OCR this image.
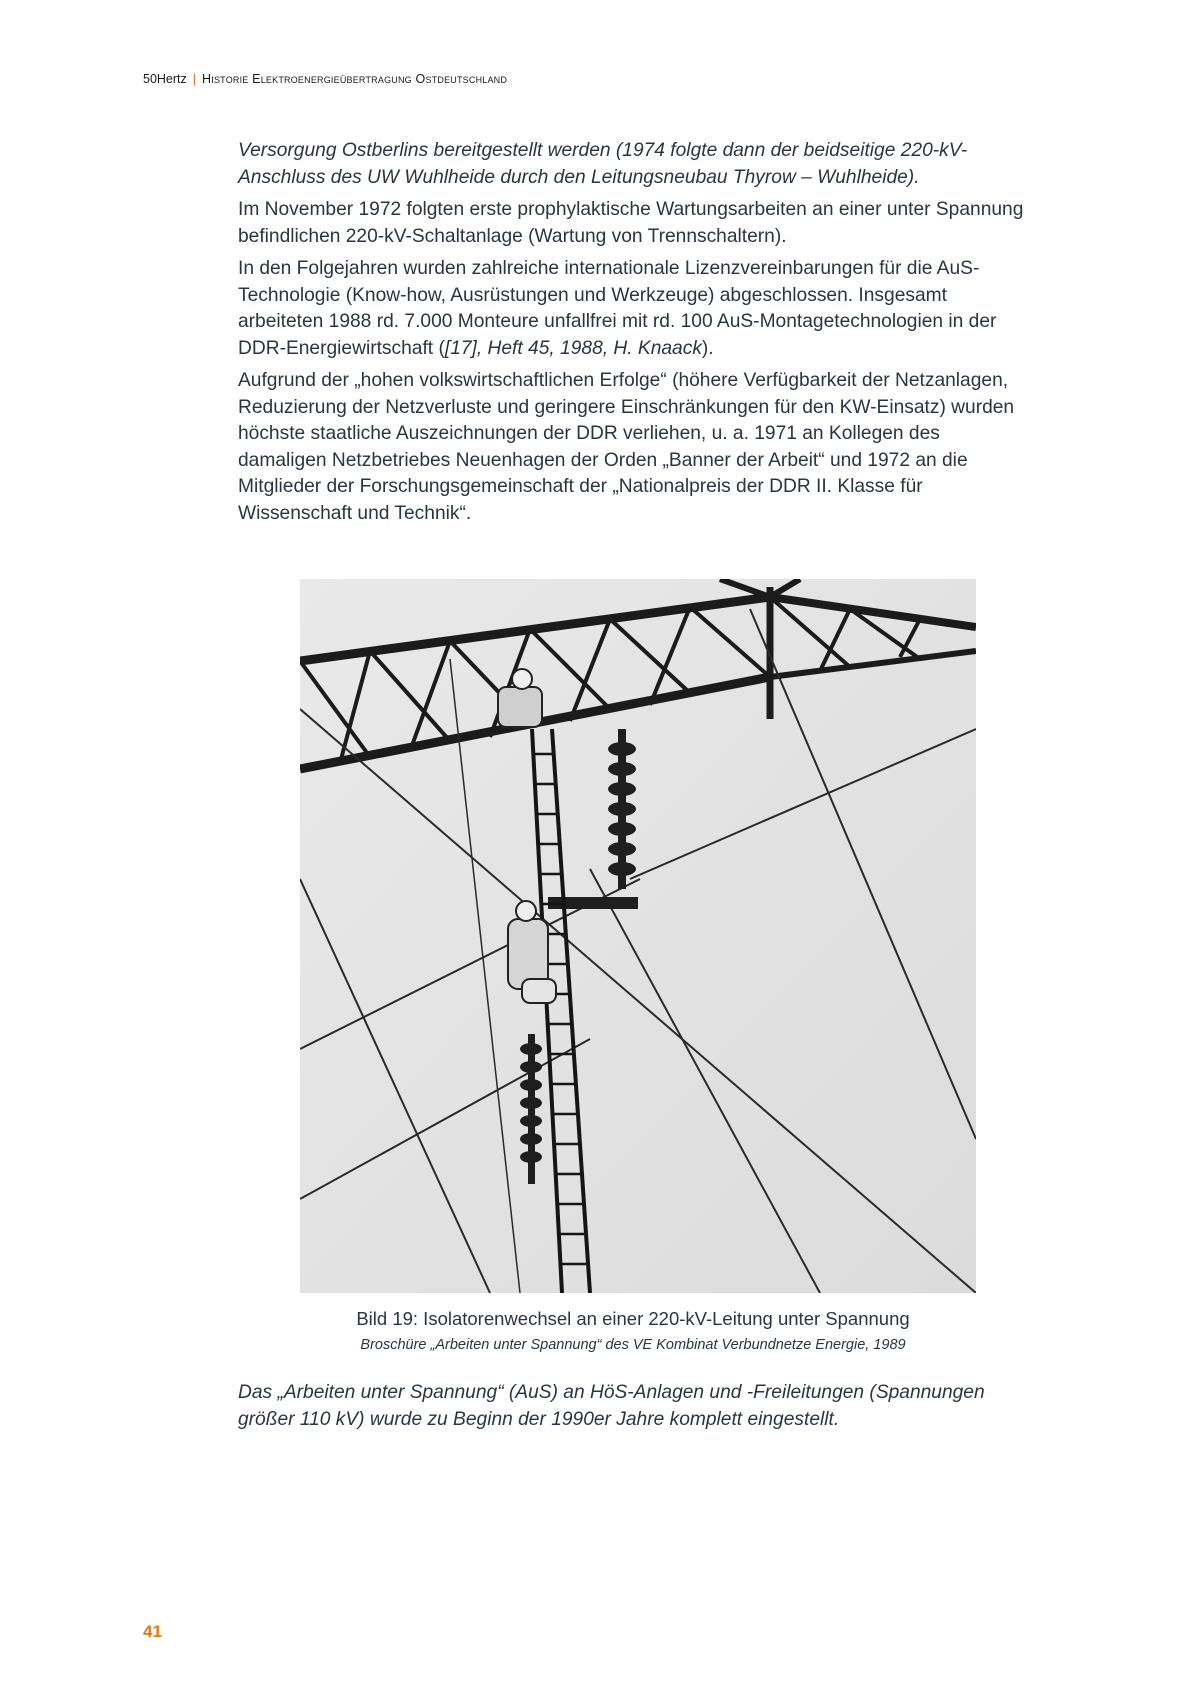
50Hertz | Historie Elektroenergieübertragung Ostdeutschland

Versorgung Ostberlins bereitgestellt werden (1974 folgte dann der beidseitige 220-kV-Anschluss des UW Wuhlheide durch den Leitungsneubau Thyrow – Wuhlheide).

Im November 1972 folgten erste prophylaktische Wartungsarbeiten an einer unter Spannung befindlichen 220-kV-Schaltanlage (Wartung von Trennschaltern).

In den Folgejahren wurden zahlreiche internationale Lizenzvereinbarungen für die AuS-Technologie (Know-how, Ausrüstungen und Werkzeuge) abgeschlossen. Insgesamt arbeiteten 1988 rd. 7.000 Monteure unfallfrei mit rd. 100 AuS-Montagetechnologien in der DDR-Energiewirtschaft ([17], Heft 45, 1988, H. Knaack).

Aufgrund der „hohen volkswirtschaftlichen Erfolge“ (höhere Verfügbarkeit der Netzanlagen, Reduzierung der Netzverluste und geringere Einschränkungen für den KW-Einsatz) wurden höchste staatliche Auszeichnungen der DDR verliehen, u. a. 1971 an Kollegen des damaligen Netzbetriebes Neuenhagen der Orden „Banner der Arbeit“ und 1972 an die Mitglieder der Forschungsgemeinschaft der „Nationalpreis der DDR II. Klasse für Wissenschaft und Technik“.

Bild 19: Isolatorenwechsel an einer 220-kV-Leitung unter Spannung
Broschüre „Arbeiten unter Spannung“ des VE Kombinat Verbundnetze Energie, 1989

Das „Arbeiten unter Spannung“ (AuS) an HöS-Anlagen und -Freileitungen (Spannungen größer 110 kV) wurde zu Beginn der 1990er Jahre komplett eingestellt.

41
